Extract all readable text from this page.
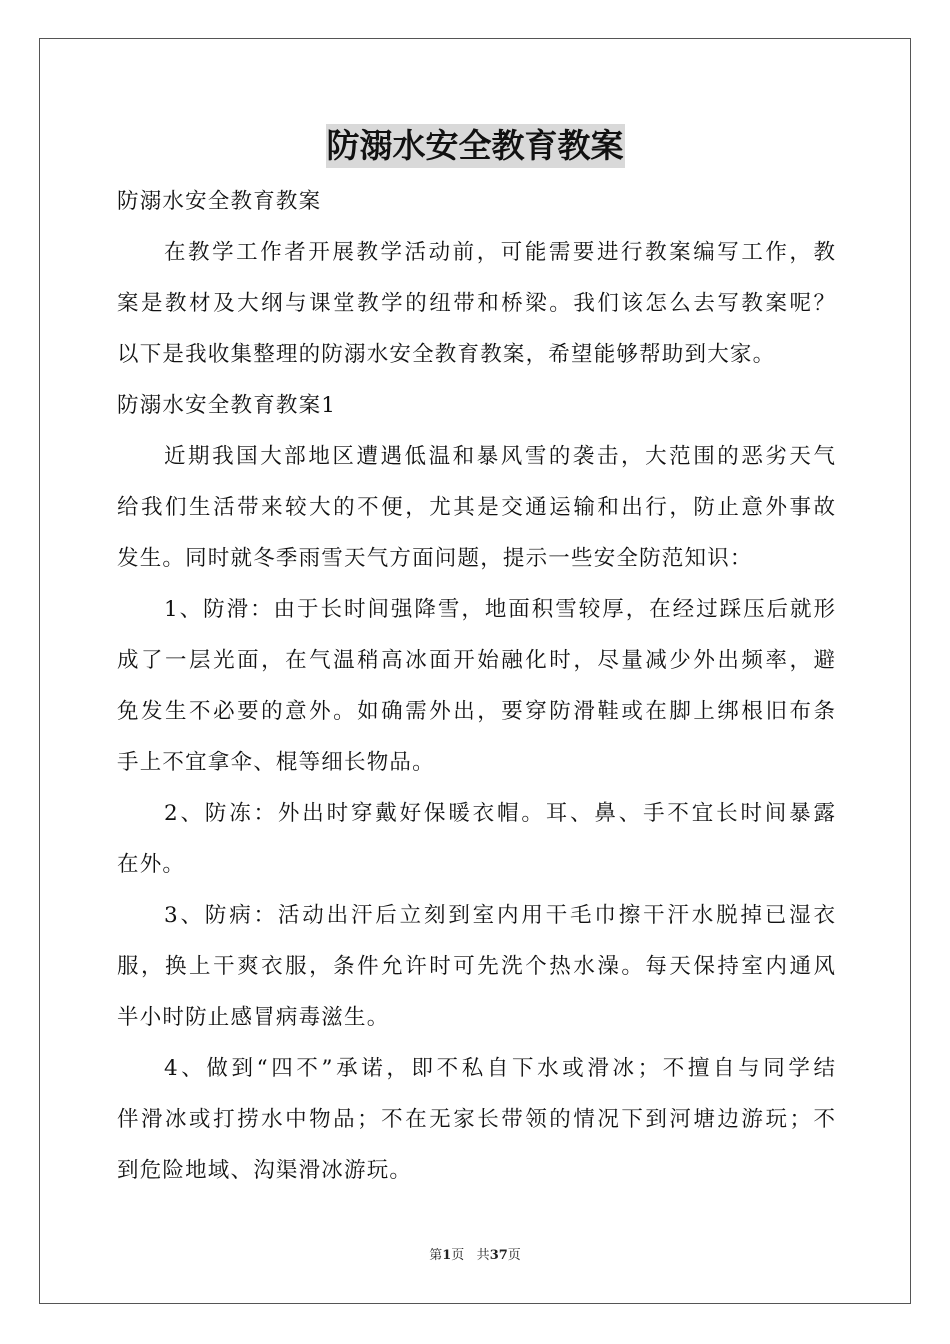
防溺水安全教育教案
防溺水安全教育教案
在教学工作者开展教学活动前，可能需要进行教案编写工作，教
案是教材及大纲与课堂教学的纽带和桥梁。我们该怎么去写教案呢？
以下是我收集整理的防溺水安全教育教案，希望能够帮助到大家。
防溺水安全教育教案1
近期我国大部地区遭遇低温和暴风雪的袭击，大范围的恶劣天气
给我们生活带来较大的不便，尤其是交通运输和出行，防止意外事故
发生。同时就冬季雨雪天气方面问题，提示一些安全防范知识：
1、防滑：由于长时间强降雪，地面积雪较厚，在经过踩压后就形
成了一层光面，在气温稍高冰面开始融化时，尽量减少外出频率，避
免发生不必要的意外。如确需外出，要穿防滑鞋或在脚上绑根旧布条
手上不宜拿伞、棍等细长物品。
2、防冻：外出时穿戴好保暖衣帽。耳、鼻、手不宜长时间暴露
在外。
3、防病：活动出汗后立刻到室内用干毛巾擦干汗水脱掉已湿衣
服，换上干爽衣服，条件允许时可先洗个热水澡。每天保持室内通风
半小时防止感冒病毒滋生。
4、做到“四不”承诺，即不私自下水或滑冰；不擅自与同学结
伴滑冰或打捞水中物品；不在无家长带领的情况下到河塘边游玩；不
到危险地域、沟渠滑冰游玩。
第1页 共37页
